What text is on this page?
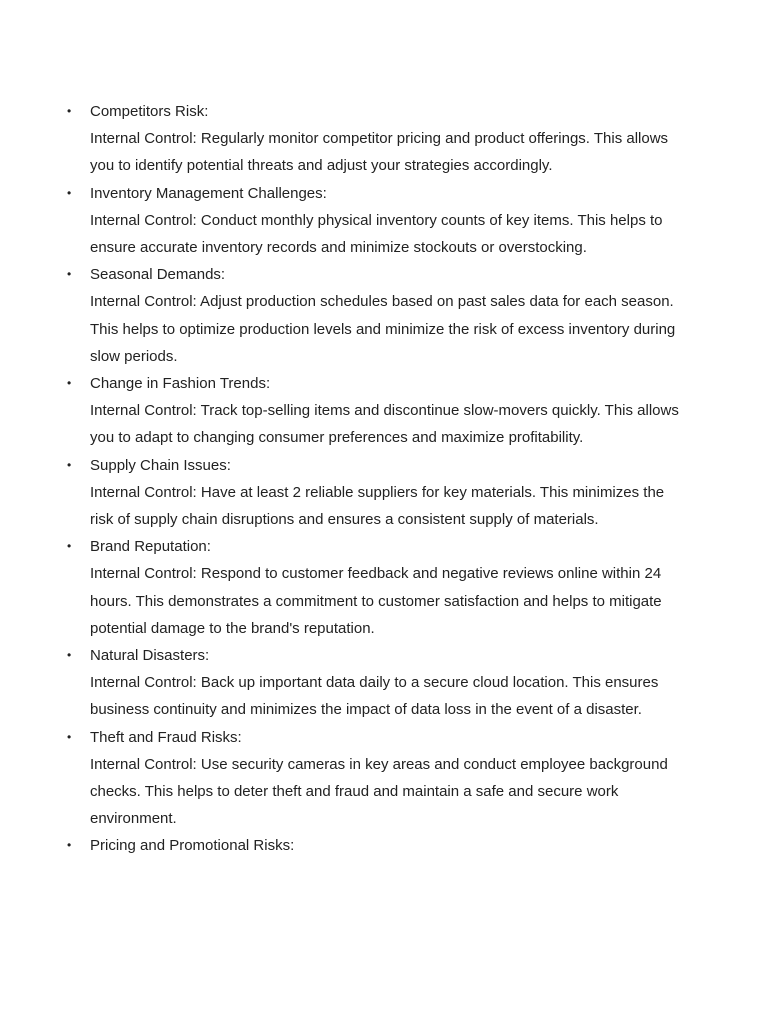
• Competitors Risk:
Internal Control: Regularly monitor competitor pricing and product offerings. This allows you to identify potential threats and adjust your strategies accordingly.
• Inventory Management Challenges:
Internal Control: Conduct monthly physical inventory counts of key items. This helps to ensure accurate inventory records and minimize stockouts or overstocking.
• Seasonal Demands:
Internal Control: Adjust production schedules based on past sales data for each season. This helps to optimize production levels and minimize the risk of excess inventory during slow periods.
• Change in Fashion Trends:
Internal Control: Track top-selling items and discontinue slow-movers quickly. This allows you to adapt to changing consumer preferences and maximize profitability.
• Supply Chain Issues:
Internal Control: Have at least 2 reliable suppliers for key materials. This minimizes the risk of supply chain disruptions and ensures a consistent supply of materials.
• Brand Reputation:
Internal Control: Respond to customer feedback and negative reviews online within 24 hours. This demonstrates a commitment to customer satisfaction and helps to mitigate potential damage to the brand's reputation.
• Natural Disasters:
Internal Control: Back up important data daily to a secure cloud location. This ensures business continuity and minimizes the impact of data loss in the event of a disaster.
• Theft and Fraud Risks:
Internal Control: Use security cameras in key areas and conduct employee background checks. This helps to deter theft and fraud and maintain a safe and secure work environment.
• Pricing and Promotional Risks:
